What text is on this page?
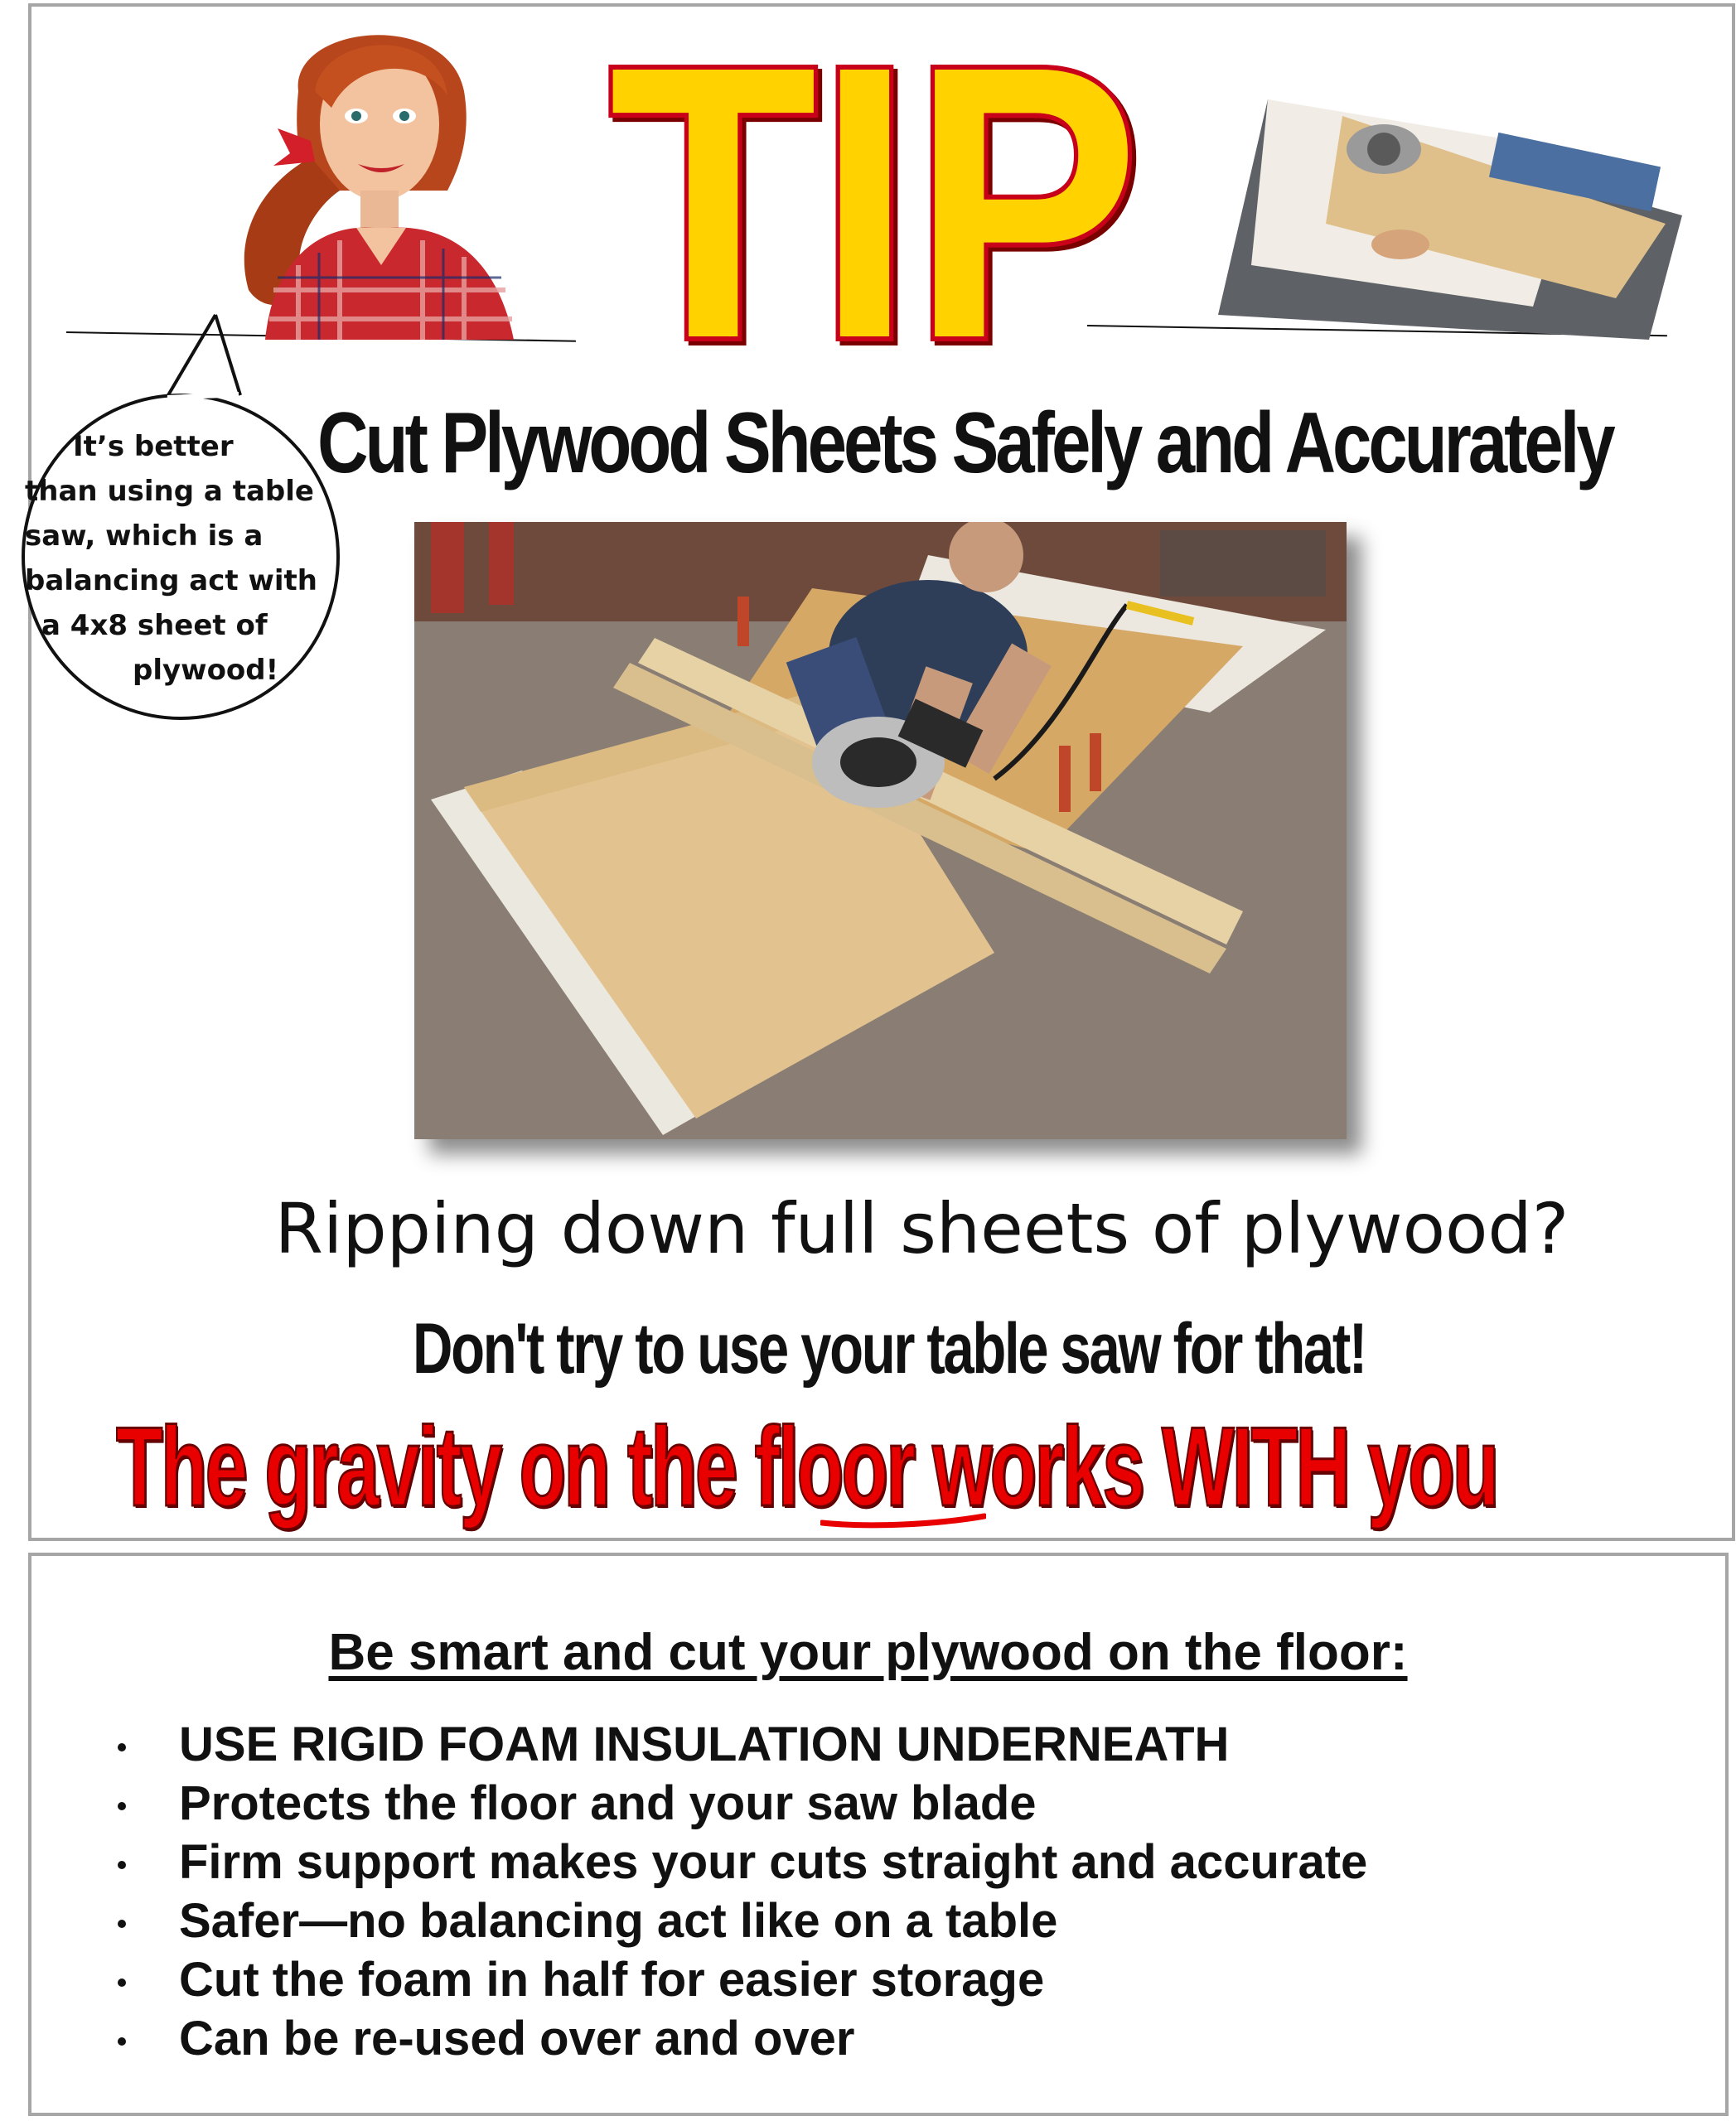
TIP
It’s better
than using a table
saw, which is a
balancing act with
a 4x8 sheet of
plywood!
Cut Plywood Sheets Safely and Accurately
Ripping down full sheets of plywood?
Don't try to use your table saw for that!
The gravity on the floor works WITH you
Be smart and cut your plywood on the floor:
USE RIGID FOAM INSULATION UNDERNEATH
Protects the floor and your saw blade
Firm support makes your cuts straight and accurate
Safer—no balancing act like on a table
Cut the foam in half for easier storage
Can be re-used over and over
